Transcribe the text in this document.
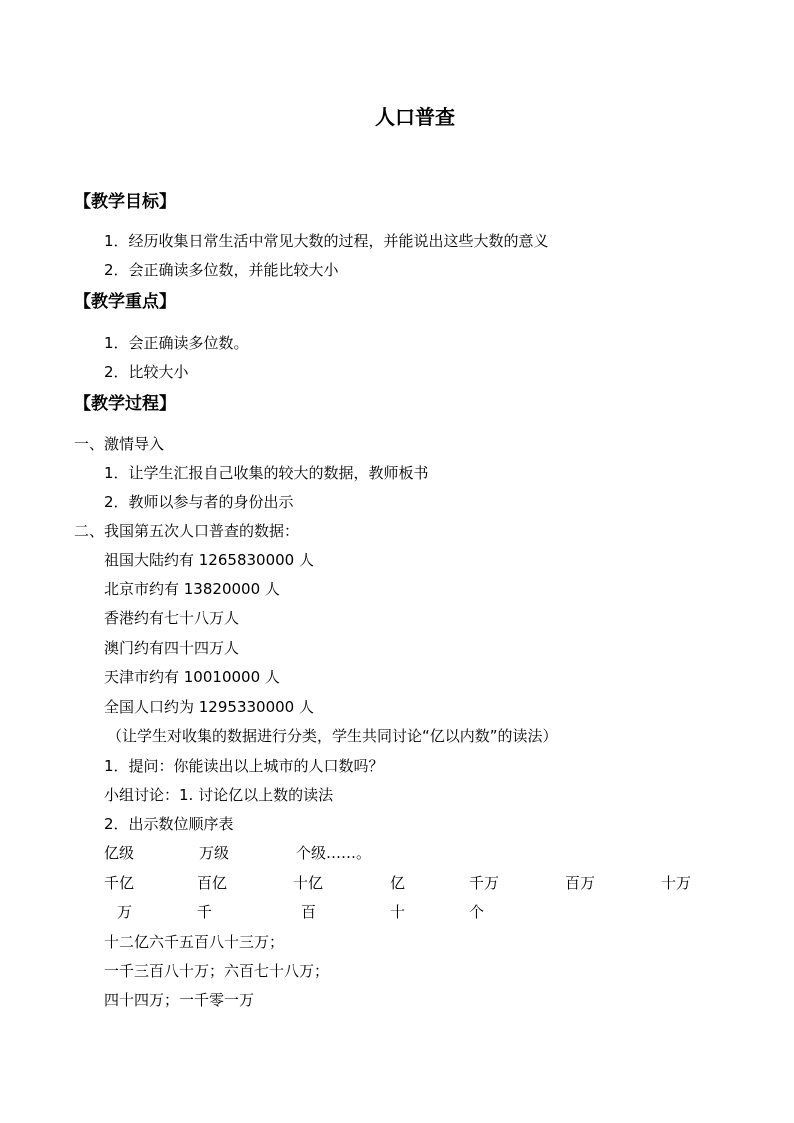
人口普查
【教学目标】
1．经历收集日常生活中常见大数的过程，并能说出这些大数的意义
2．会正确读多位数，并能比较大小
【教学重点】
1．会正确读多位数。
2．比较大小
【教学过程】
一、激情导入
1．让学生汇报自己收集的较大的数据，教师板书
2．教师以参与者的身份出示
二、我国第五次人口普查的数据：
祖国大陆约有 1265830000 人
北京市约有 13820000 人
香港约有七十八万人
澳门约有四十四万人
天津市约有 10010000 人
全国人口约为 1295330000 人
（让学生对收集的数据进行分类，学生共同讨论“亿以内数”的读法）
1．提问：你能读出以上城市的人口数吗？
小组讨论：1. 讨论亿以上数的读法
2．出示数位顺序表
亿级	万级	个级……。
千亿	百亿	十亿	亿	千万	百万	十万
万	千	百	十	个
十二亿六千五百八十三万；
一千三百八十万；六百七十八万；
四十四万；一千零一万
